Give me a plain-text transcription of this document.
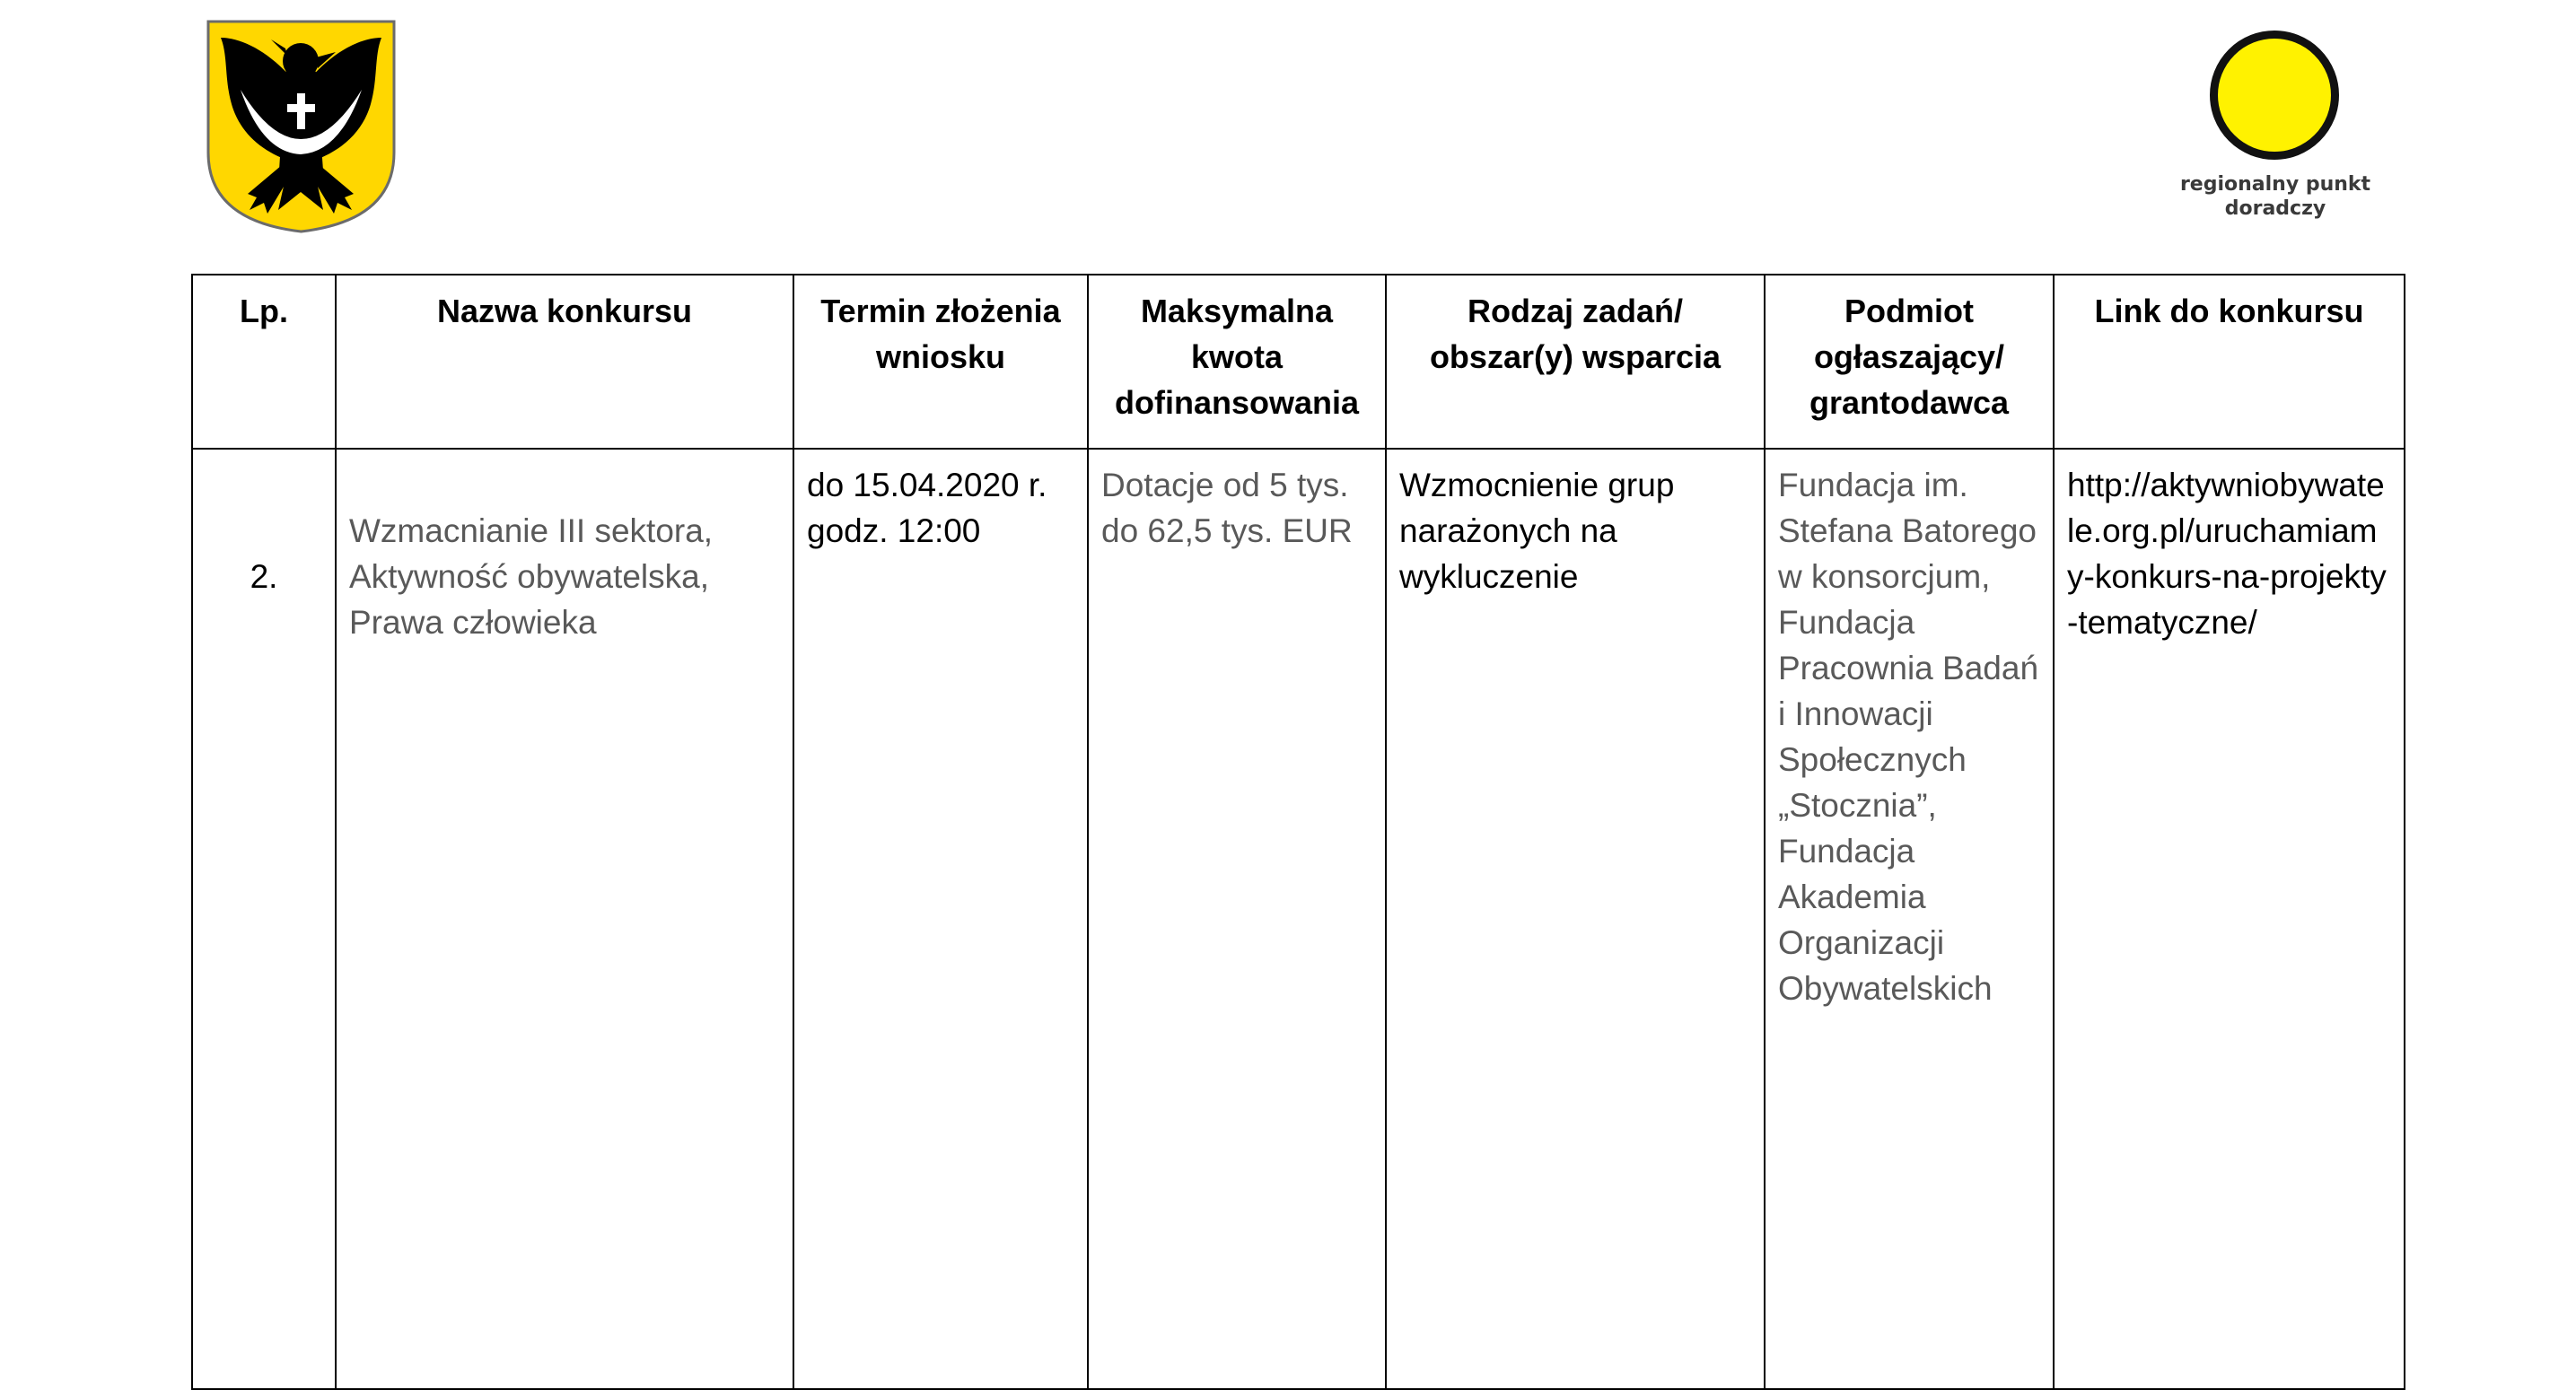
regionalny punkt
doradczy
Lp.	Nazwa konkursu	Termin złożenia wniosku	Maksymalna kwota dofinansowania	Rodzaj zadań/ obszar(y) wsparcia	Podmiot ogłaszający/ grantodawca	Link do konkursu
2.	Wzmacnianie III sektora, Aktywność obywatelska, Prawa człowieka	do 15.04.2020 r. godz. 12:00	Dotacje od 5 tys. do 62,5 tys. EUR	Wzmocnienie grup narażonych na wykluczenie	Fundacja im. Stefana Batorego w konsorcjum, Fundacja Pracownia Badań i Innowacji Społecznych „Stocznia”, Fundacja Akademia Organizacji Obywatelskich	http://aktywniobywatele.org.pl/uruchamiamy-konkurs-na-projekty-tematyczne/
